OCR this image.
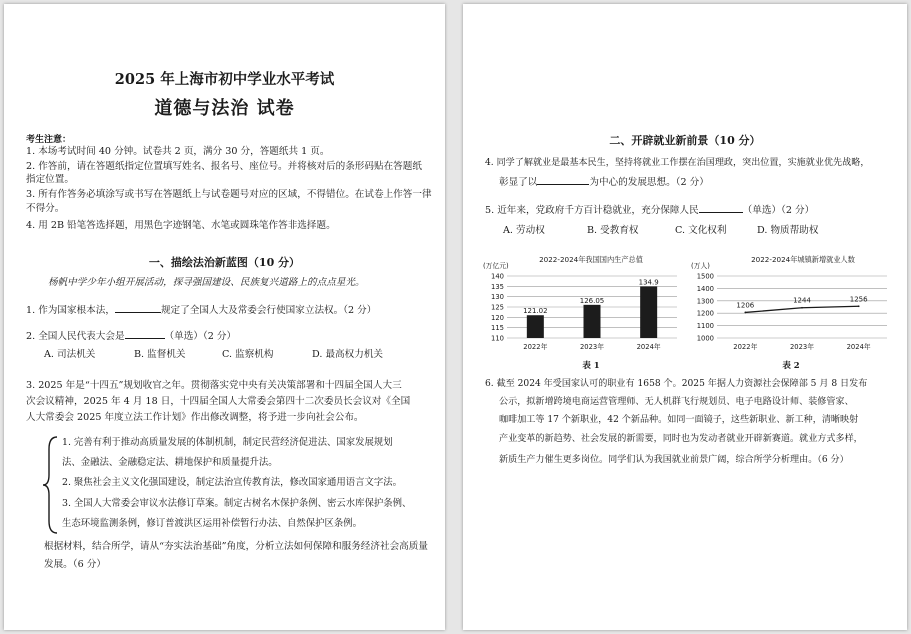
2025 年上海市初中学业水平考试
道德与法治 试卷
考生注意：
1. 本场考试时间 40 分钟。试卷共 2 页，满分 30 分，答题纸共 1 页。
2. 作答前，请在答题纸指定位置填写姓名、报名号、座位号。并将核对后的条形码贴在答题纸
指定位置。
3. 所有作答务必填涂写或书写在答题纸上与试卷题号对应的区域，不得错位。在试卷上作答一律
不得分。
4. 用 2B 铅笔答选择题，用黑色字迹钢笔、水笔或圆珠笔作答非选择题。
一、描绘法治新蓝图（10 分）
杨帆中学少年小组开展活动，探寻强国建设、民族复兴道路上的点点星光。
1. 作为国家根本法，	规定了全国人大及常委会行使国家立法权。（2 分）
2. 全国人民代表大会是	（单选）（2 分）
A. 司法机关	B. 监督机关	C. 监察机构	D. 最高权力机关
3. 2025 年是“十四五”规划收官之年。贯彻落实党中央有关决策部署和十四届全国人大三
次会议精神，2025 年 4 月 18 日，十四届全国人大常委会第四十二次委员长会议对《全国
人大常委会 2025 年度立法工作计划》作出修改调整，将予进一步向社会公布。
1. 完善有利于推动高质量发展的体制机制，制定民营经济促进法、国家发展规划
法、金融法、金融稳定法、耕地保护和质量提升法。
2. 聚焦社会主义文化强国建设，制定法治宣传教育法，修改国家通用语言文字法。
3. 全国人大常委会审议水法修订草案。制定古树名木保护条例、密云水库保护条例、
生态环境监测条例，修订普渡洪区运用补偿暂行办法、自然保护区条例。
根据材料，结合所学，请从“夯实法治基础”角度，分析立法如何保障和服务经济社会高质量
发展。（6 分）
二、开辟就业新前景（10 分）
4. 同学了解就业是最基本民生，坚持将就业工作摆在治国理政，突出位置，实施就业优先战略，
彰显了以	为中心的发展思想。（2 分）
5. 近年来，党政府千方百计稳就业，充分保障人民	（单选）（2 分）
A. 劳动权	B. 受教育权	C. 文化权利	D. 物质帮助权
2022-2024年我国国内生产总值
(万亿元)
110
115
120
125
130
135
140
121.02
126.05
134.9
2022年	2023年	2024年
表 1
2022-2024年城镇新增就业人数
(万人)
1000
1100
1200
1300
1400
1500
1206
1244	1256
2022年	2023年	2024年
表 2
6. 截至 2024 年受国家认可的职业有 1658 个。2025 年据人力资源社会保障部 5 月 8 日发布
公示，拟新增跨境电商运营管理师、无人机群飞行规划员、电子电路设计师、装修管家、
咖啡加工等 17 个新职业，42 个新品种。如同一面镜子，这些新职业、新工种，清晰映射
产业变革的新趋势、社会发展的新需要，同时也为发动者就业开辟新赛道。就业方式多样，
新质生产力催生更多岗位。同学们认为我国就业前景广阔，综合所学分析理由。（6 分）
